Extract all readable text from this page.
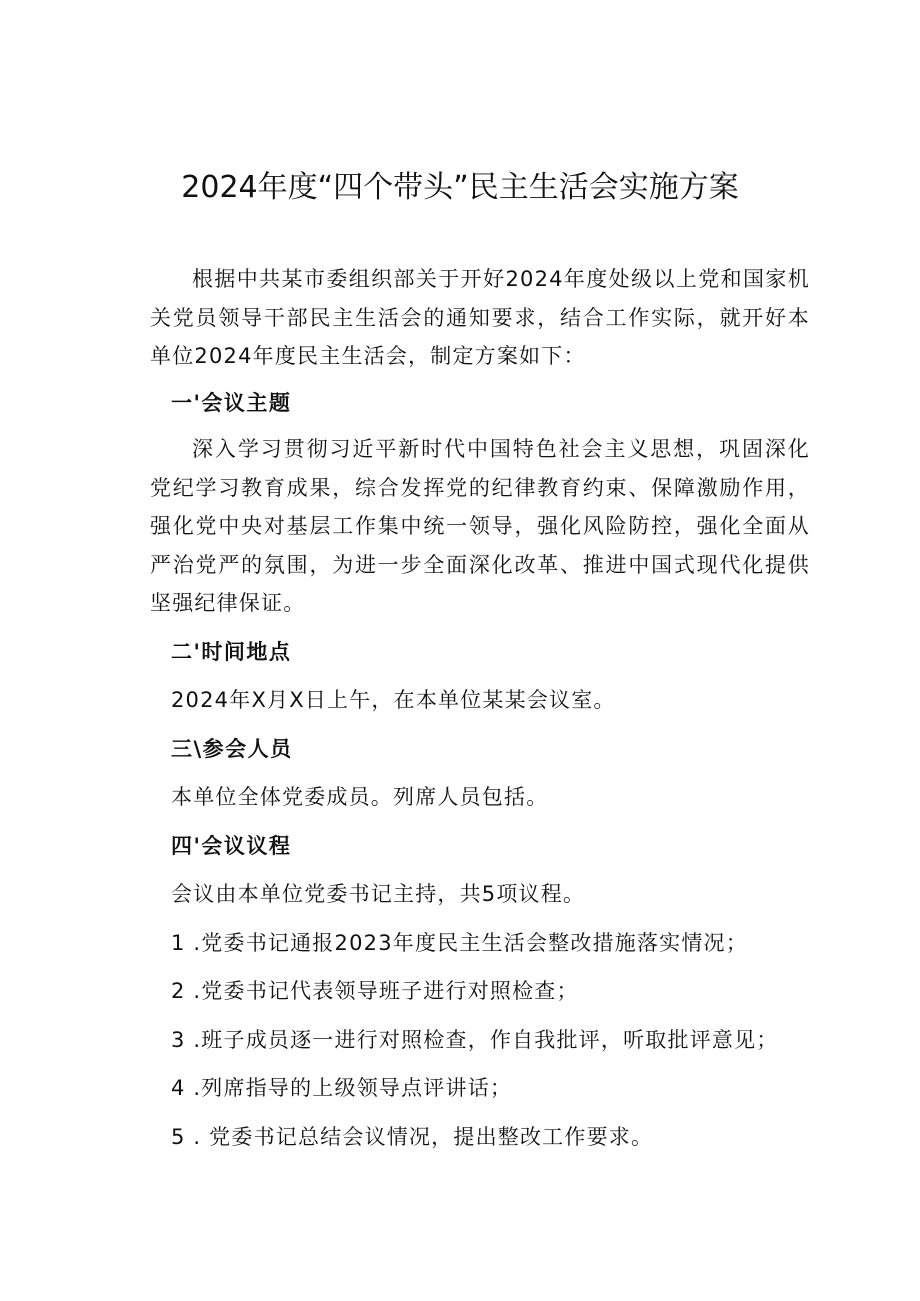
2024年度“四个带头”民主生活会实施方案

根据中共某市委组织部关于开好2024年度处级以上党和国家机关党员领导干部民主生活会的通知要求，结合工作实际，就开好本单位2024年度民主生活会，制定方案如下：

一'会议主题

深入学习贯彻习近平新时代中国特色社会主义思想，巩固深化党纪学习教育成果，综合发挥党的纪律教育约束、保障激励作用，强化党中央对基层工作集中统一领导，强化风险防控，强化全面从严治党严的氛围，为进一步全面深化改革、推进中国式现代化提供坚强纪律保证。

二'时间地点

2024年X月X日上午，在本单位某某会议室。

三\参会人员

本单位全体党委成员。列席人员包括。

四'会议议程

会议由本单位党委书记主持，共5项议程。

1 .党委书记通报2023年度民主生活会整改措施落实情况；

2 .党委书记代表领导班子进行对照检查；

3 .班子成员逐一进行对照检查，作自我批评，听取批评意见；

4 .列席指导的上级领导点评讲话；

5 . 党委书记总结会议情况，提出整改工作要求。
